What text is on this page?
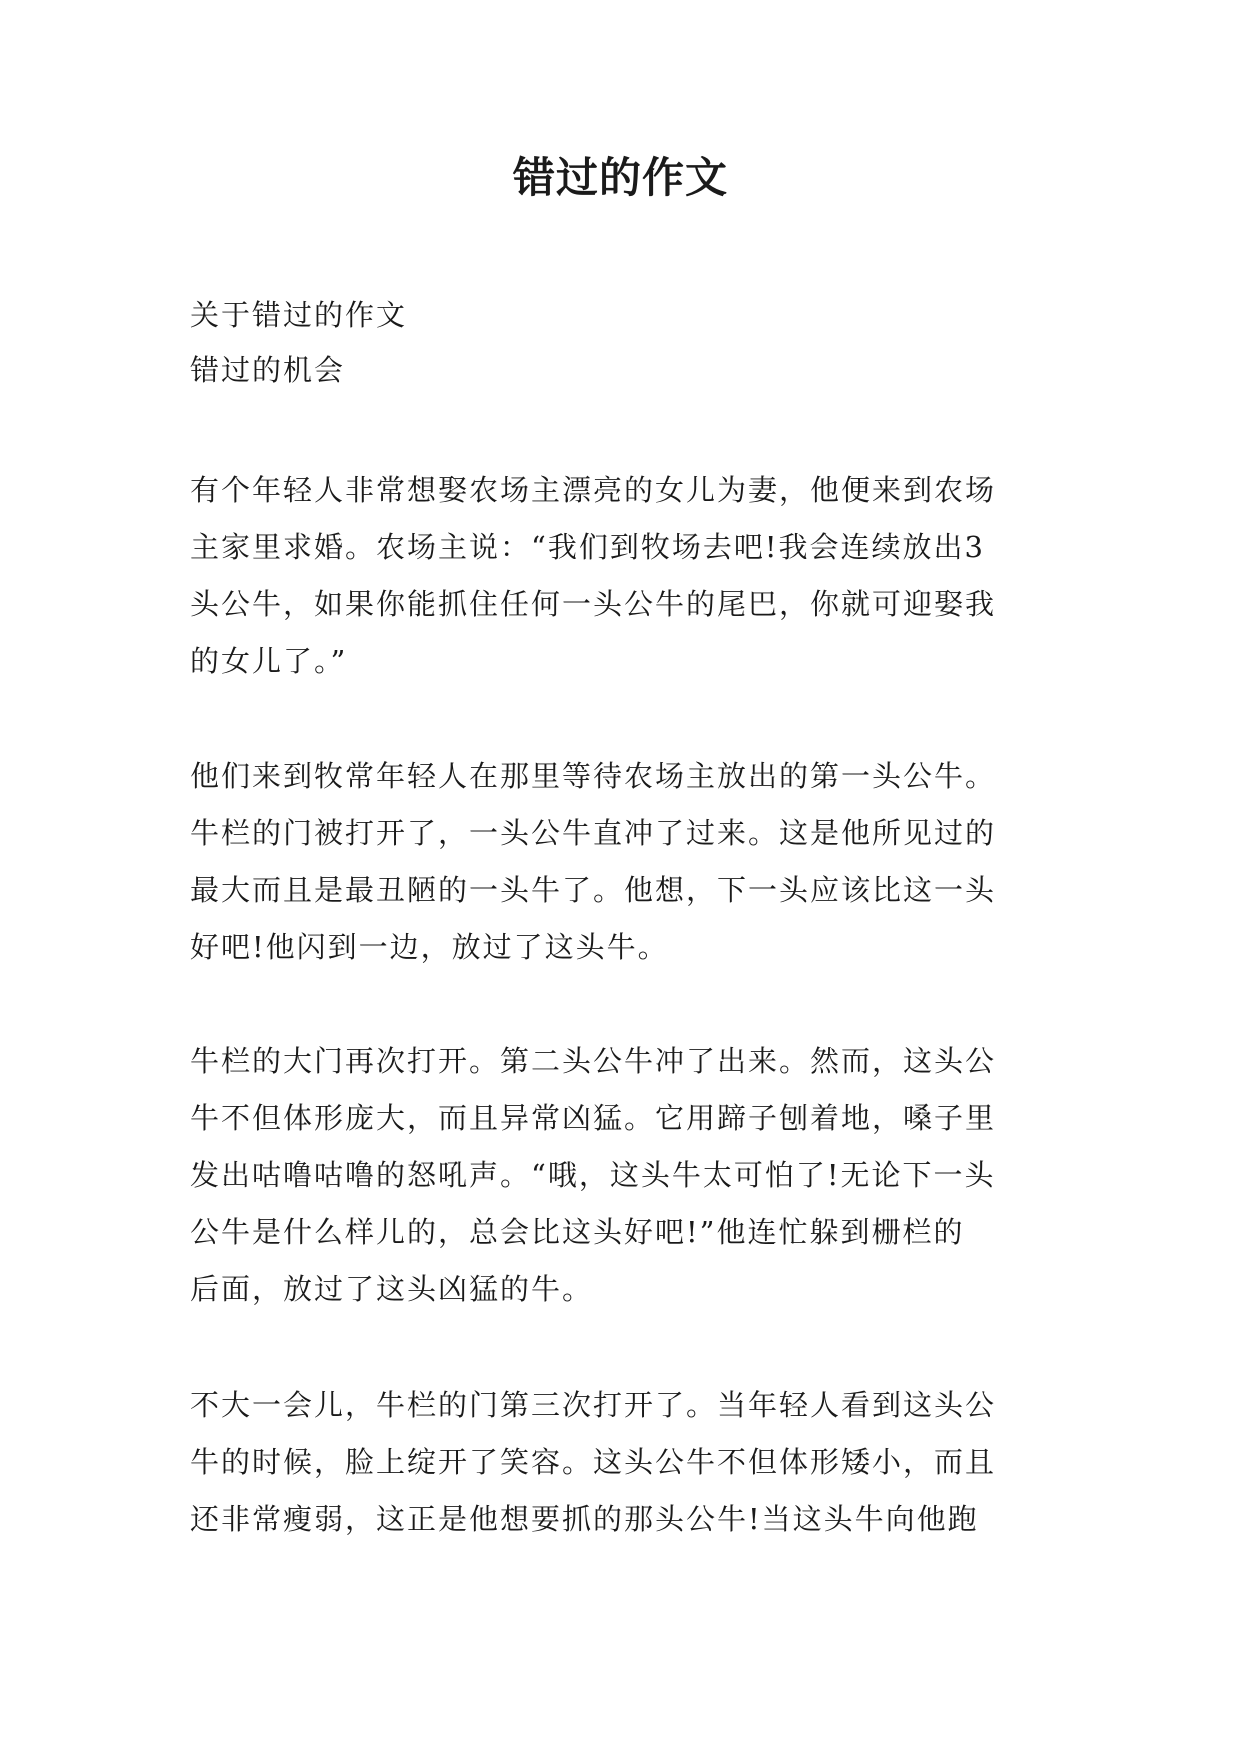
错过的作文
关于错过的作文
错过的机会
有个年轻人非常想娶农场主漂亮的女儿为妻，他便来到农场
主家里求婚。农场主说：“我们到牧场去吧!我会连续放出3
头公牛，如果你能抓住任何一头公牛的尾巴，你就可迎娶我
的女儿了。”
他们来到牧常年轻人在那里等待农场主放出的第一头公牛。
牛栏的门被打开了，一头公牛直冲了过来。这是他所见过的
最大而且是最丑陋的一头牛了。他想，下一头应该比这一头
好吧!他闪到一边，放过了这头牛。
牛栏的大门再次打开。第二头公牛冲了出来。然而，这头公
牛不但体形庞大，而且异常凶猛。它用蹄子刨着地，嗓子里
发出咕噜咕噜的怒吼声。“哦，这头牛太可怕了!无论下一头
公牛是什么样儿的，总会比这头好吧!”他连忙躲到栅栏的
后面，放过了这头凶猛的牛。
不大一会儿，牛栏的门第三次打开了。当年轻人看到这头公
牛的时候，脸上绽开了笑容。这头公牛不但体形矮小，而且
还非常瘦弱，这正是他想要抓的那头公牛!当这头牛向他跑
